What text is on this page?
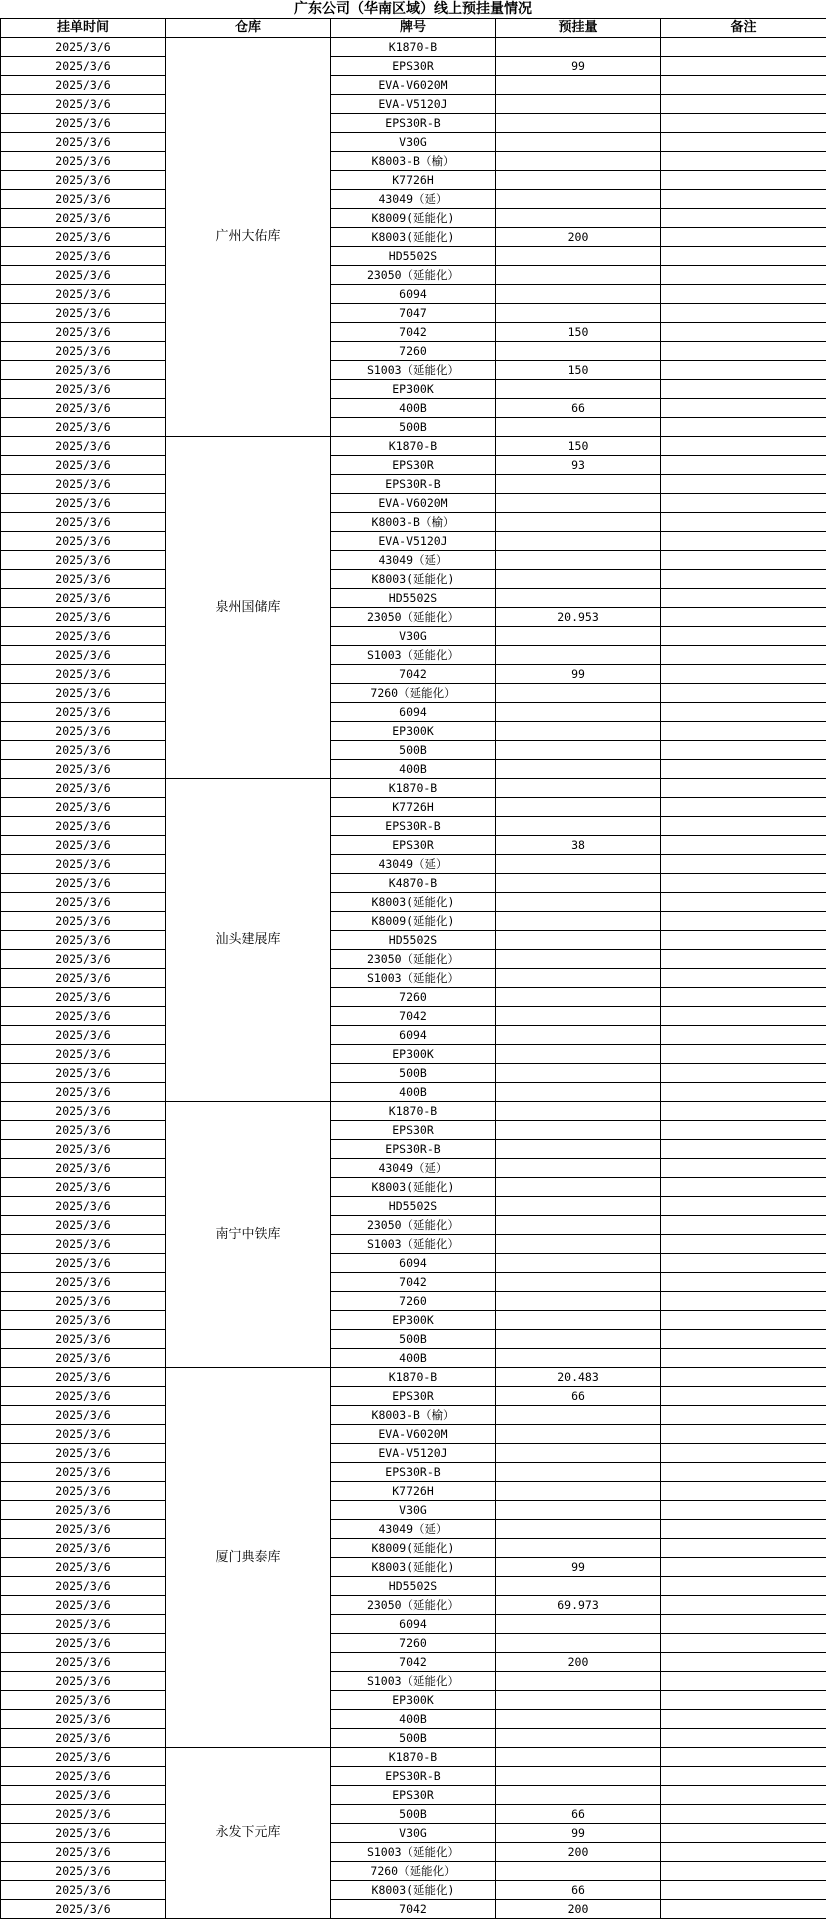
广东公司（华南区域）线上预挂量情况
挂单时间	仓库	牌号	预挂量	备注
2025/3/6	广州大佑库	K1870-B		
2025/3/6		EPS30R	99	
2025/3/6		EVA-V6020M		
2025/3/6		EVA-V5120J		
2025/3/6		EPS30R-B		
2025/3/6		V30G		
2025/3/6		K8003-B（榆）		
2025/3/6		K7726H		
2025/3/6		43049（延）		
2025/3/6		K8009(延能化)		
2025/3/6		K8003(延能化)	200	
2025/3/6		HD5502S		
2025/3/6		23050（延能化）		
2025/3/6		6094		
2025/3/6		7047		
2025/3/6		7042	150	
2025/3/6		7260		
2025/3/6		S1003（延能化）	150	
2025/3/6		EP300K		
2025/3/6		400B	66	
2025/3/6		500B		
2025/3/6	泉州国储库	K1870-B	150	
2025/3/6		EPS30R	93	
2025/3/6		EPS30R-B		
2025/3/6		EVA-V6020M		
2025/3/6		K8003-B（榆）		
2025/3/6		EVA-V5120J		
2025/3/6		43049（延）		
2025/3/6		K8003(延能化)		
2025/3/6		HD5502S		
2025/3/6		23050（延能化）	20.953	
2025/3/6		V30G		
2025/3/6		S1003（延能化）		
2025/3/6		7042	99	
2025/3/6		7260（延能化）		
2025/3/6		6094		
2025/3/6		EP300K		
2025/3/6		500B		
2025/3/6		400B		
2025/3/6	汕头建展库	K1870-B		
2025/3/6		K7726H		
2025/3/6		EPS30R-B		
2025/3/6		EPS30R	38	
2025/3/6		43049（延）		
2025/3/6		K4870-B		
2025/3/6		K8003(延能化)		
2025/3/6		K8009(延能化)		
2025/3/6		HD5502S		
2025/3/6		23050（延能化）		
2025/3/6		S1003（延能化）		
2025/3/6		7260		
2025/3/6		7042		
2025/3/6		6094		
2025/3/6		EP300K		
2025/3/6		500B		
2025/3/6		400B		
2025/3/6	南宁中铁库	K1870-B		
2025/3/6		EPS30R		
2025/3/6		EPS30R-B		
2025/3/6		43049（延）		
2025/3/6		K8003(延能化)		
2025/3/6		HD5502S		
2025/3/6		23050（延能化）		
2025/3/6		S1003（延能化）		
2025/3/6		6094		
2025/3/6		7042		
2025/3/6		7260		
2025/3/6		EP300K		
2025/3/6		500B		
2025/3/6		400B		
2025/3/6	厦门典泰库	K1870-B	20.483	
2025/3/6		EPS30R	66	
2025/3/6		K8003-B（榆）		
2025/3/6		EVA-V6020M		
2025/3/6		EVA-V5120J		
2025/3/6		EPS30R-B		
2025/3/6		K7726H		
2025/3/6		V30G		
2025/3/6		43049（延）		
2025/3/6		K8009(延能化)		
2025/3/6		K8003(延能化)	99	
2025/3/6		HD5502S		
2025/3/6		23050（延能化）	69.973	
2025/3/6		6094		
2025/3/6		7260		
2025/3/6		7042	200	
2025/3/6		S1003（延能化）		
2025/3/6		EP300K		
2025/3/6		400B		
2025/3/6		500B		
2025/3/6	永发下元库	K1870-B		
2025/3/6		EPS30R-B		
2025/3/6		EPS30R		
2025/3/6		500B	66	
2025/3/6		V30G	99	
2025/3/6		S1003（延能化）	200	
2025/3/6		7260（延能化）		
2025/3/6		K8003(延能化)	66	
2025/3/6		7042	200	
